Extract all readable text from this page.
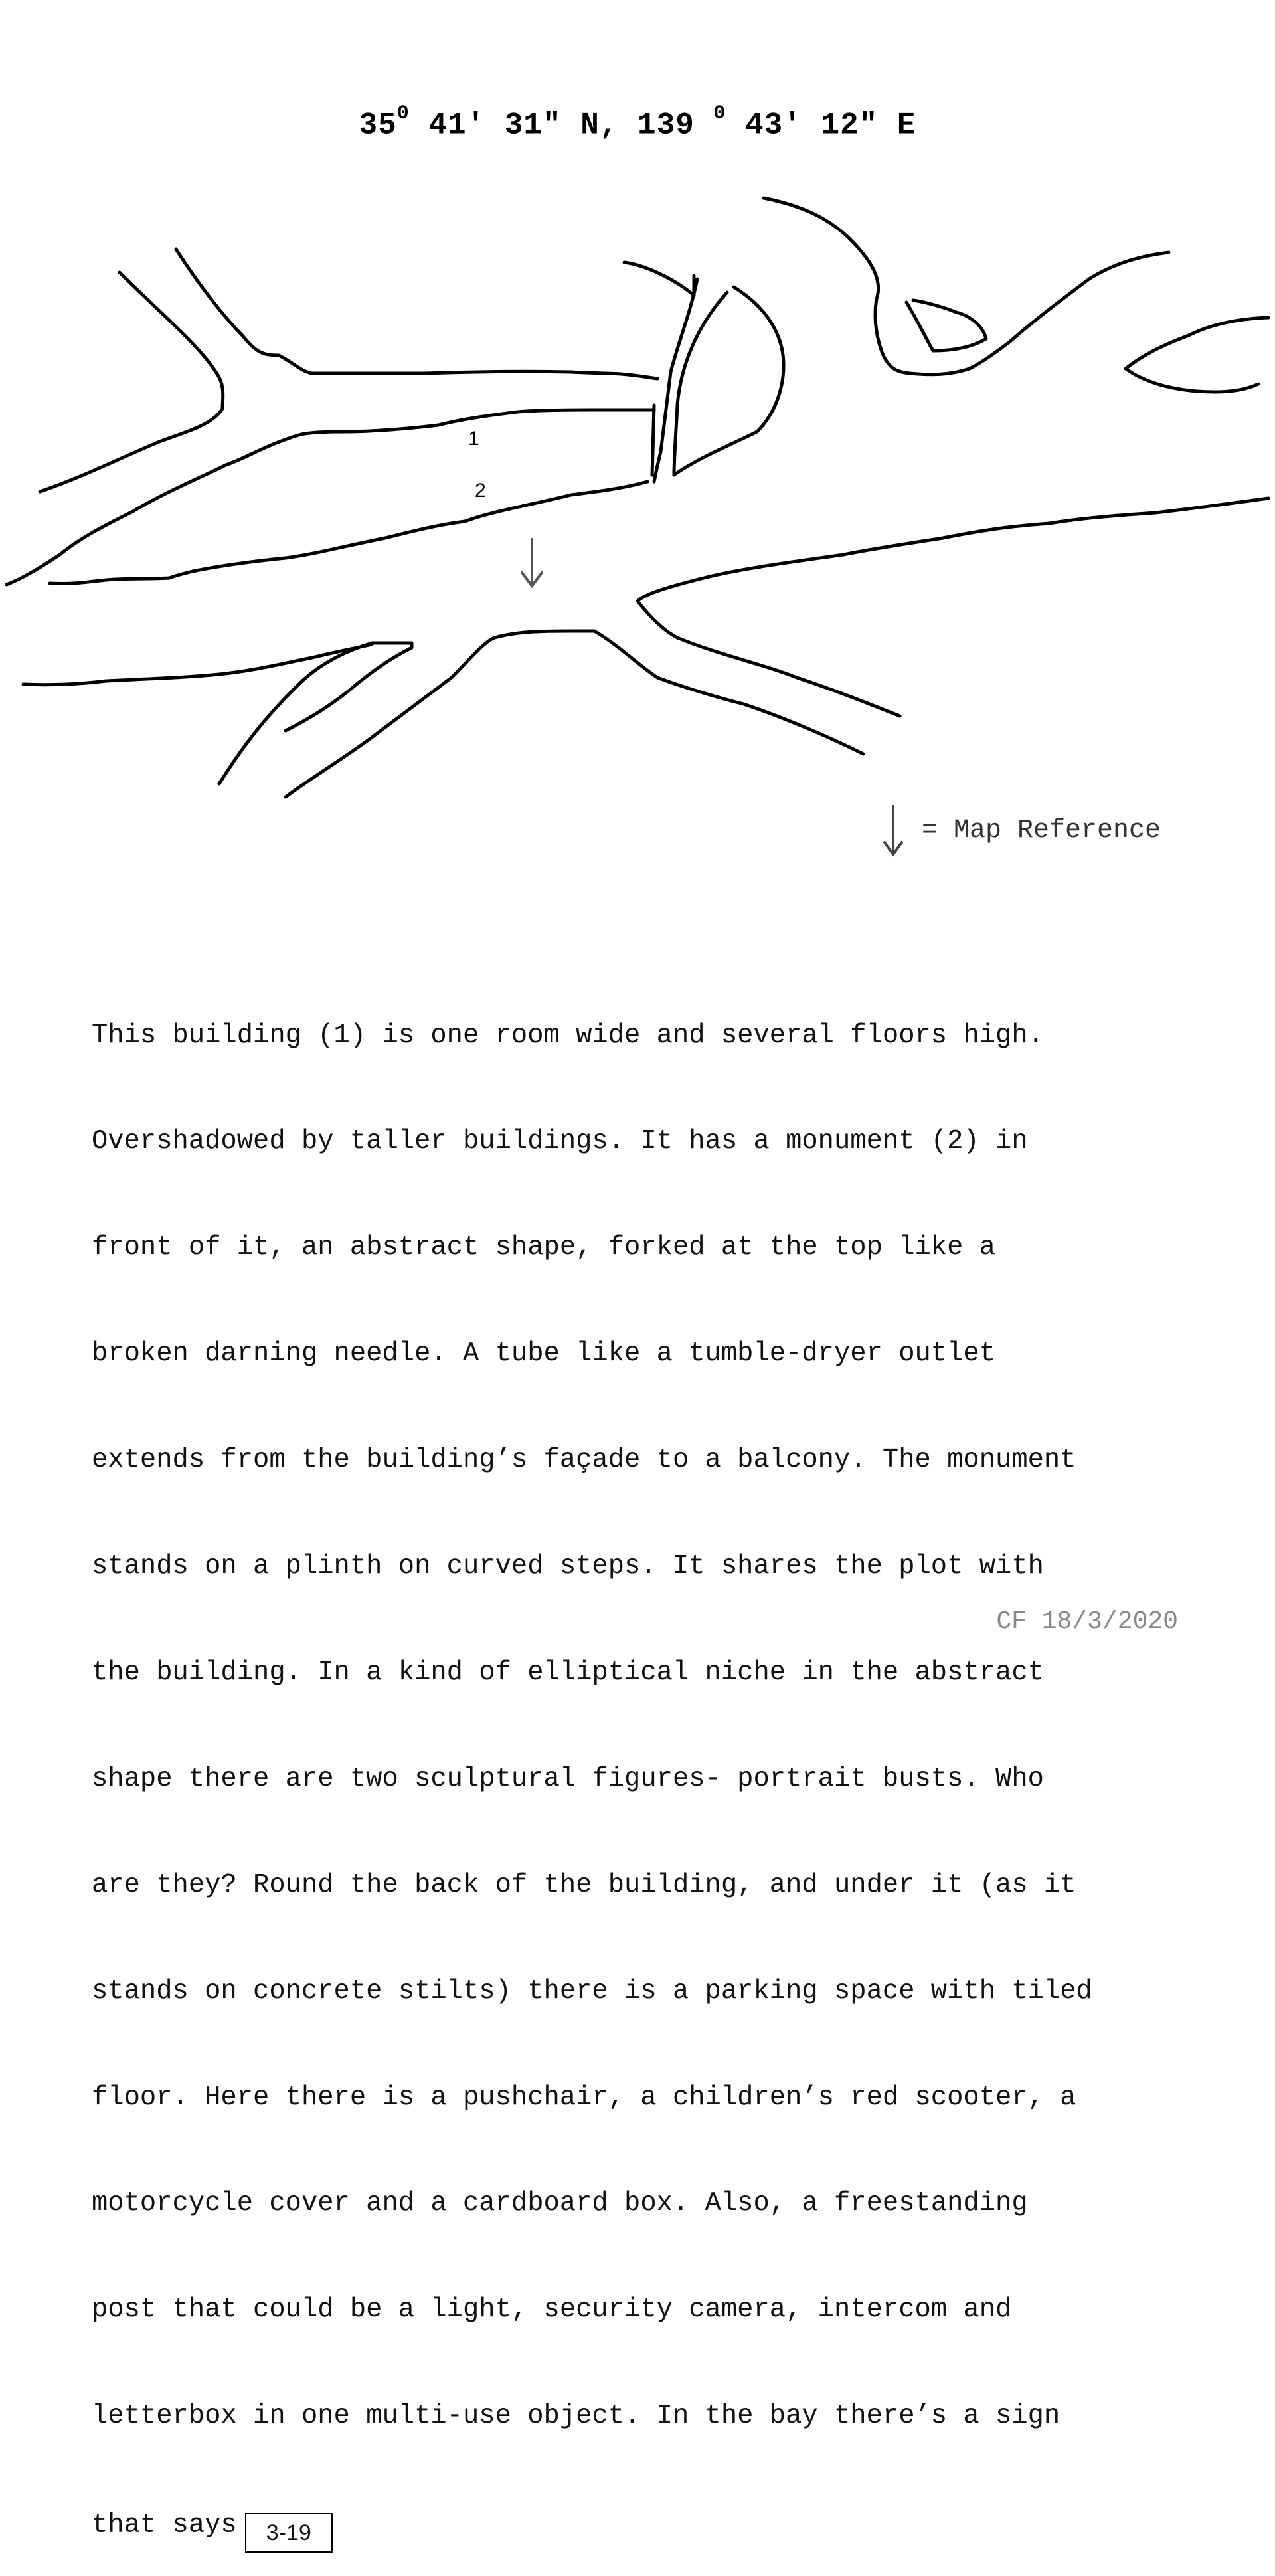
$35^0$ 41′ 31″ N, 139 $^0$ 43′ 12″ E
1
2
= Map Reference

This building (1) is one room wide and several floors high.

Overshadowed by taller buildings. It has a monument (2) in

front of it, an abstract shape, forked at the top like a

broken darning needle. A tube like a tumble-dryer outlet

extends from the building’s façade to a balcony. The monument

stands on a plinth on curved steps. It shares the plot with

the building. In a kind of elliptical niche in the abstract

shape there are two sculptural figures- portrait busts. Who

are they? Round the back of the building, and under it (as it

stands on concrete stilts) there is a parking space with tiled

floor. Here there is a pushchair, a children’s red scooter, a

motorcycle cover and a cardboard box. Also, a freestanding

post that could be a light, security camera, intercom and

letterbox in one multi-use object. In the bay there’s a sign

that says 3-19

CF 18/3/2020
